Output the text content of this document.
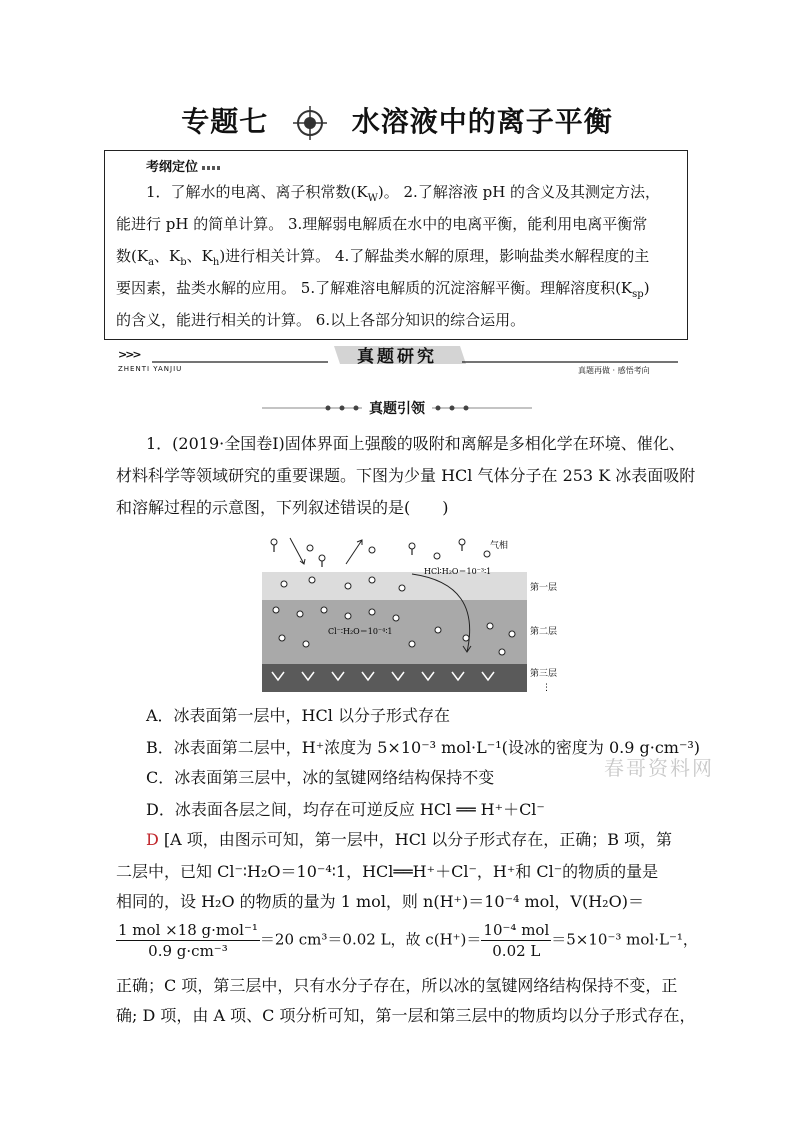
专题七	水溶液中的离子平衡
考纲定位
1．了解水的电离、离子积常数$(K_W)$。 2.了解溶液 pH 的含义及其测定方法，
能进行 pH 的简单计算。 3.理解弱电解质在水中的电离平衡，能利用电离平衡常
数($K_a$、$K_b$、$K_h$)进行相关计算。 4.了解盐类水解的原理，影响盐类水解程度的主
要因素，盐类水解的应用。 5.了解难溶电解质的沉淀溶解平衡。理解溶度积$(K_{sp})$
的含义，能进行相关的计算。 6.以上各部分知识的综合运用。
>>>	真题研究
ZHENTI YANJIU	真题再做 · 感悟考向
真题引领
1．(2019·全国卷Ⅰ)固体界面上强酸的吸附和离解是多相化学在环境、催化、
材料科学等领域研究的重要课题。下图为少量 HCl 气体分子在 253 K 冰表面吸附
和溶解过程的示意图，下列叙述错误的是(　　)
气相
第一层
第二层
第三层
⋮
HCl∶H₂O＝10⁻³∶1
Cl⁻∶H₂O＝10⁻⁴∶1
A．冰表面第一层中，HCl 以分子形式存在
B．冰表面第二层中，H⁺浓度为 5×10⁻³ mol·L⁻¹(设冰的密度为 0.9 g·cm⁻³)
C．冰表面第三层中，冰的氢键网络结构保持不变
D．冰表面各层之间，均存在可逆反应 HCl ══ H⁺＋Cl⁻
春哥资料网
D [A 项，由图示可知，第一层中，HCl 以分子形式存在，正确；B 项，第
二层中，已知 Cl⁻∶H₂O＝10⁻⁴∶1，HCl══H⁺＋Cl⁻，H⁺和 Cl⁻的物质的量是
相同的，设 H₂O 的物质的量为 1 mol，则 n(H⁺)＝10⁻⁴ mol，V(H₂O)＝
$\frac{\text{1 mol ×18 g·mol⁻¹}}{\text{0.9 g·cm⁻³}} =20$ cm³＝0.02 L，故 $c(H^+)= \frac{\text{10⁻⁴ mol}}{0.02 L} =5\times 10^{-3}$ mol·L⁻¹，
正确；C 项，第三层中，只有水分子存在，所以冰的氢键网络结构保持不变，正
确; D 项，由 A 项、C 项分析可知，第一层和第三层中的物质均以分子形式存在，
